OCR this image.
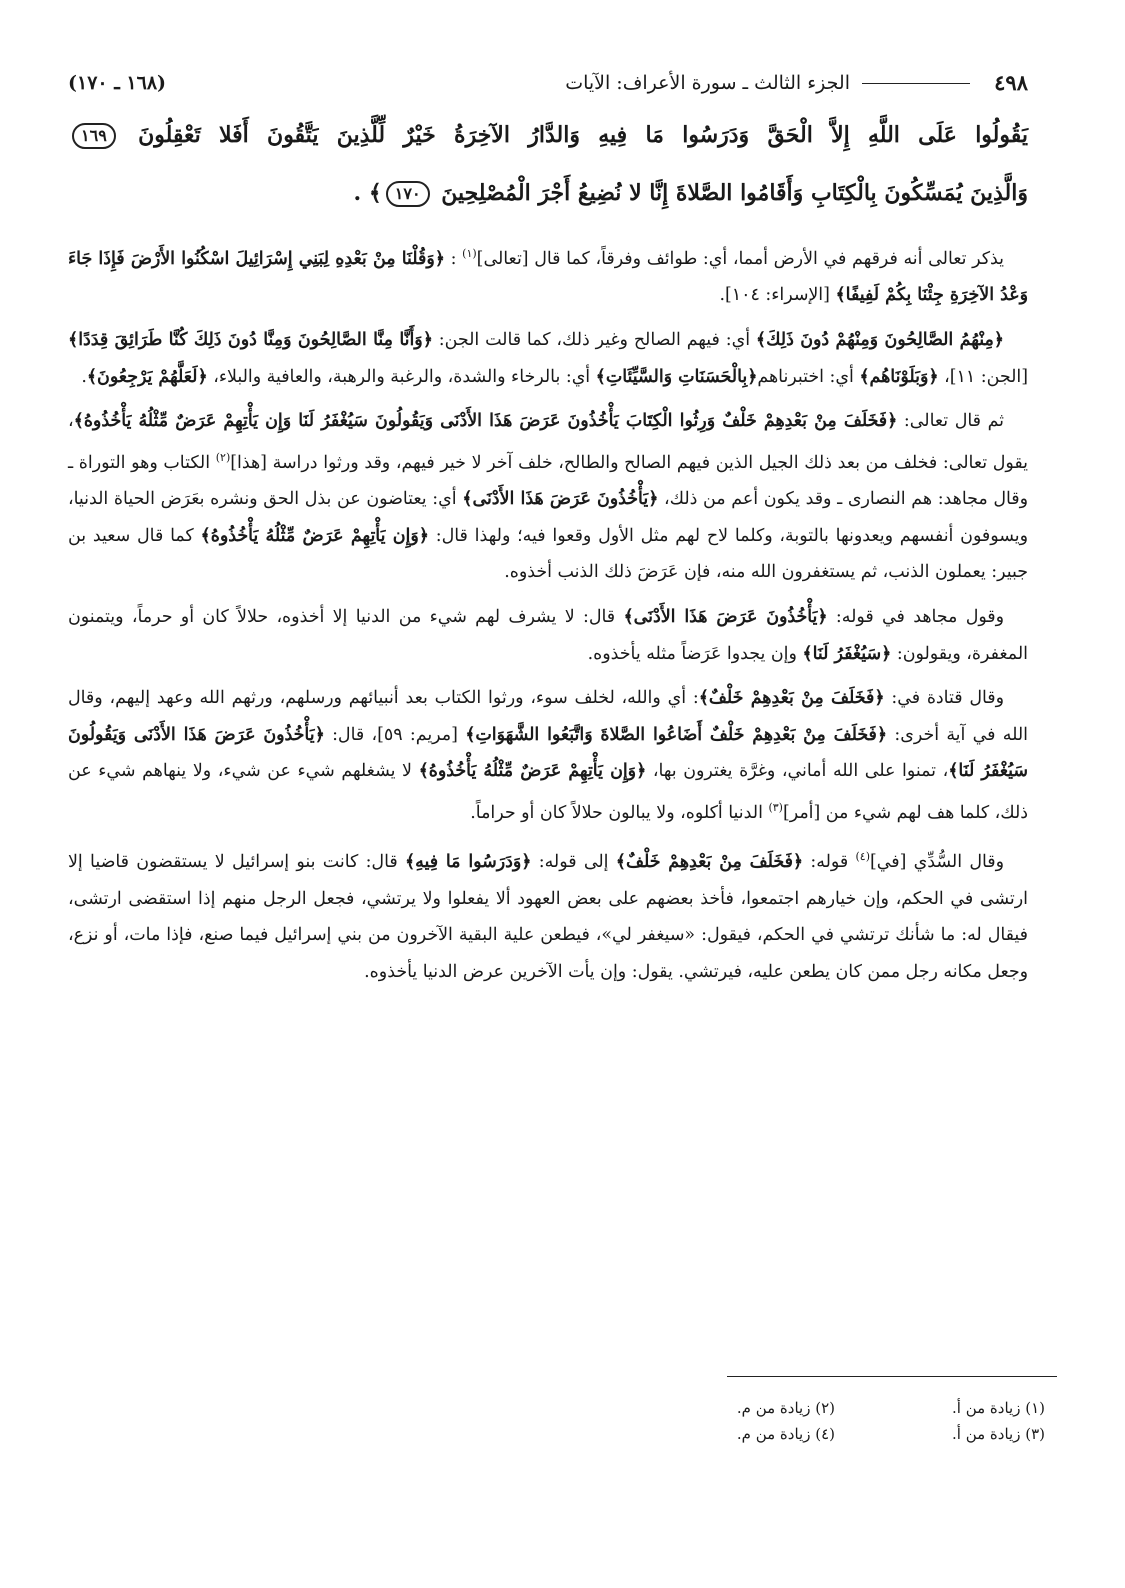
٤٩٨
الجزء الثالث ـ سورة الأعراف: الآيات
(١٦٨ ـ ١٧٠)
يَقُولُوا عَلَى اللَّهِ إِلاَّ الْحَقَّ وَدَرَسُوا مَا فِيهِ وَالدَّارُ الآخِرَةُ خَيْرٌ لِّلَّذِينَ يَتَّقُونَ أَفَلا تَعْقِلُونَ ١٦٩
وَالَّذِينَ يُمَسِّكُونَ بِالْكِتَابِ وَأَقَامُوا الصَّلاةَ إِنَّا لا نُضِيعُ أَجْرَ الْمُصْلِحِينَ ١٧٠﴾ .

يذكر تعالى أنه فرقهم في الأرض أمما، أي: طوائف وفرقاً، كما قال [تعالى]$^{(١)}$ : ﴿وَقُلْنَا مِنْ بَعْدِهِ لِبَنِي إِسْرَائِيلَ اسْكُنُوا الأَرْضَ فَإِذَا جَاءَ وَعْدُ الآخِرَةِ جِئْنَا بِكُمْ لَفِيفًا﴾ [الإسراء: ١٠٤].

﴿مِنْهُمُ الصَّالِحُونَ وَمِنْهُمْ دُونَ ذَلِكَ﴾ أي: فيهم الصالح وغير ذلك، كما قالت الجن: ﴿وَأَنَّا مِنَّا الصَّالِحُونَ وَمِنَّا دُونَ ذَلِكَ كُنَّا طَرَائِقَ قِدَدًا﴾ [الجن: ١١]، ﴿وَبَلَوْنَاهُم﴾ أي: اختبرناهم﴿بِالْحَسَنَاتِ وَالسَّيِّئَاتِ﴾ أي: بالرخاء والشدة، والرغبة والرهبة، والعافية والبلاء، ﴿لَعَلَّهُمْ يَرْجِعُونَ﴾.

ثم قال تعالى: ﴿فَخَلَفَ مِنْ بَعْدِهِمْ خَلْفٌ وَرِثُوا الْكِتَابَ يَأْخُذُونَ عَرَضَ هَذَا الأَدْنَى وَيَقُولُونَ سَيُغْفَرُ لَنَا وَإِن يَأْتِهِمْ عَرَضٌ مِّثْلُهُ يَأْخُذُوهُ﴾، يقول تعالى: فخلف من بعد ذلك الجيل الذين فيهم الصالح والطالح، خلف آخر لا خير فيهم، وقد ورثوا دراسة [هذا]$^{(٢)}$ الكتاب وهو التوراة ـ وقال مجاهد: هم النصارى ـ وقد يكون أعم من ذلك، ﴿يَأْخُذُونَ عَرَضَ هَذَا الأَدْنَى﴾ أي: يعتاضون عن بذل الحق ونشره بعَرَض الحياة الدنيا، ويسوفون أنفسهم ويعدونها بالتوبة، وكلما لاح لهم مثل الأول وقعوا فيه؛ ولهذا قال: ﴿وَإِن يَأْتِهِمْ عَرَضٌ مِّثْلُهُ يَأْخُذُوهُ﴾ كما قال سعيد بن جبير: يعملون الذنب، ثم يستغفرون الله منه، فإن عَرَضَ ذلك الذنب أخذوه.

وقول مجاهد في قوله: ﴿يَأْخُذُونَ عَرَضَ هَذَا الأَدْنَى﴾ قال: لا يشرف لهم شيء من الدنيا إلا أخذوه، حلالاً كان أو حرماً، ويتمنون المغفرة، ويقولون: ﴿سَيُغْفَرُ لَنَا﴾ وإن يجدوا عَرَضاً مثله يأخذوه.

وقال قتادة في: ﴿فَخَلَفَ مِنْ بَعْدِهِمْ خَلْفٌ﴾: أي والله، لخلف سوء، ورثوا الكتاب بعد أنبيائهم ورسلهم، ورثهم الله وعهد إليهم، وقال الله في آية أخرى: ﴿فَخَلَفَ مِنْ بَعْدِهِمْ خَلْفٌ أَضَاعُوا الصَّلاةَ وَاتَّبَعُوا الشَّهَوَاتِ﴾ [مريم: ٥٩]، قال: ﴿يَأْخُذُونَ عَرَضَ هَذَا الأَدْنَى وَيَقُولُونَ سَيُغْفَرُ لَنَا﴾، تمنوا على الله أماني، وغرَّة يغترون بها، ﴿وَإِن يَأْتِهِمْ عَرَضٌ مِّثْلُهُ يَأْخُذُوهُ﴾ لا يشغلهم شيء عن شيء، ولا ينهاهم شيء عن ذلك، كلما هف لهم شيء من [أمر]$^{(٣)}$ الدنيا أكلوه، ولا يبالون حلالاً كان أو حراماً.

وقال السُّدِّي [في]$^{(٤)}$ قوله: ﴿فَخَلَفَ مِنْ بَعْدِهِمْ خَلْفٌ﴾ إلى قوله: ﴿وَدَرَسُوا مَا فِيهِ﴾ قال: كانت بنو إسرائيل لا يستقضون قاضيا إلا ارتشى في الحكم، وإن خيارهم اجتمعوا، فأخذ بعضهم على بعض العهود ألا يفعلوا ولا يرتشي، فجعل الرجل منهم إذا استقضى ارتشى، فيقال له: ما شأنك ترتشي في الحكم، فيقول: «سيغفر لي»، فيطعن علية البقية الآخرون من بني إسرائيل فيما صنع، فإذا مات، أو نزع، وجعل مكانه رجل ممن كان يطعن عليه، فيرتشي. يقول: وإن يأت الآخرين عرض الدنيا يأخذوه.

(١) زيادة من أ.
(٢) زيادة من م.
(٣) زيادة من أ.
(٤) زيادة من م.
